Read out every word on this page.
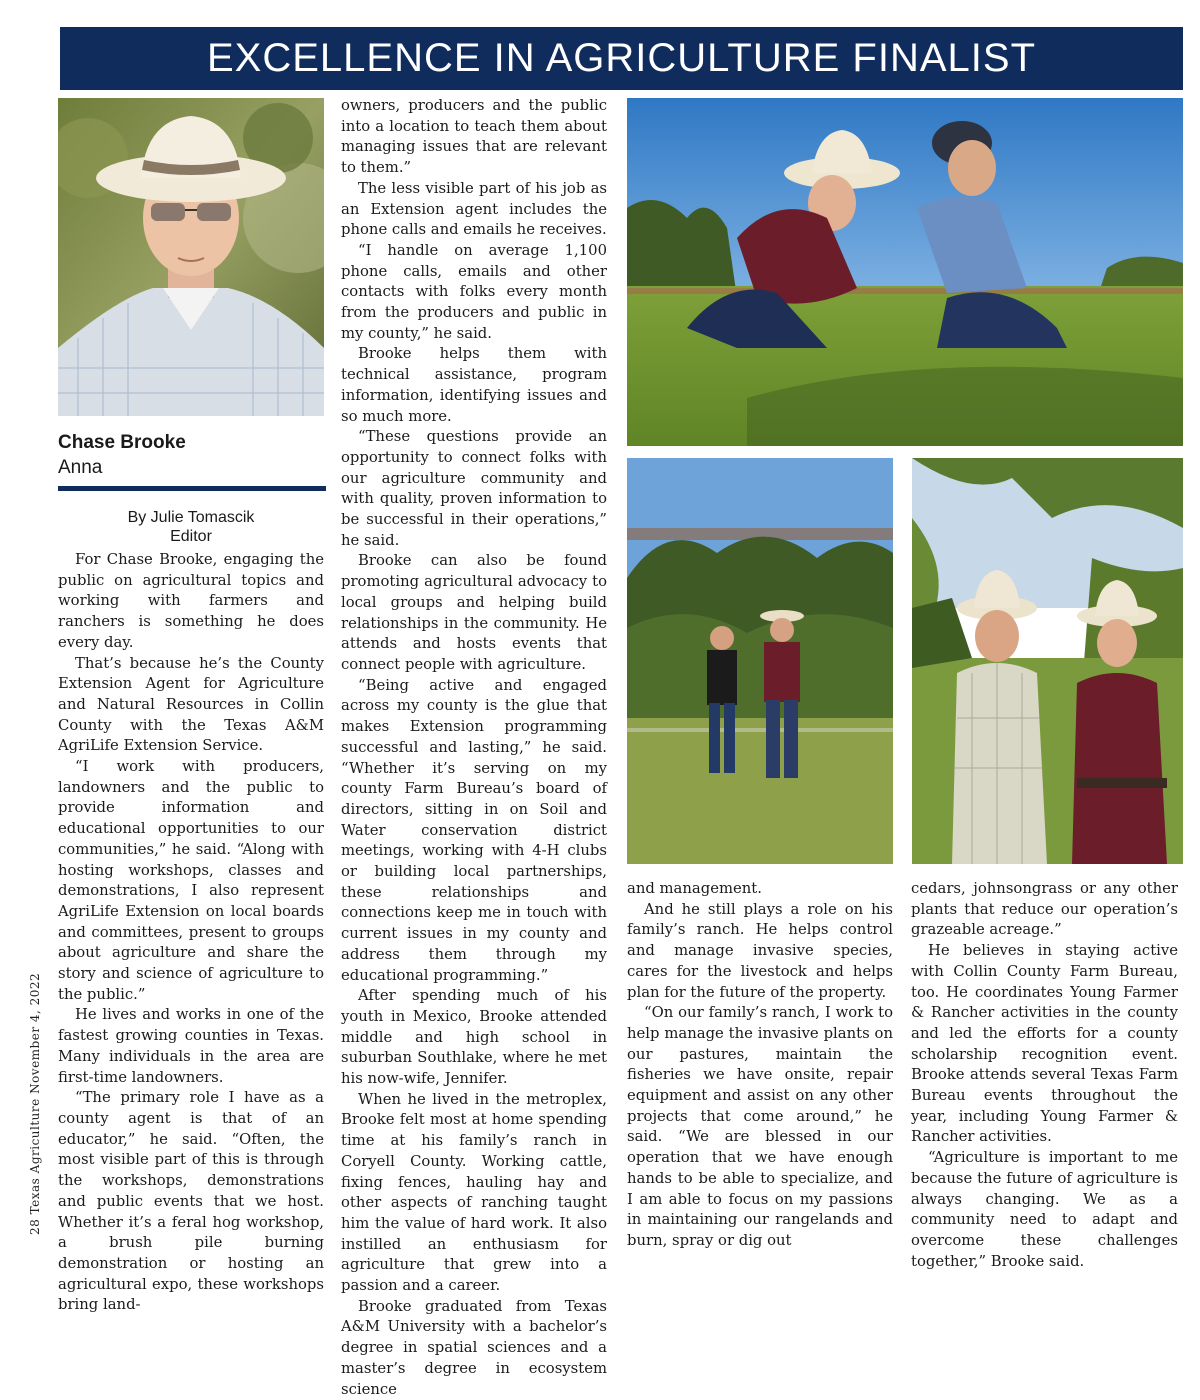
EXCELLENCE IN AGRICULTURE FINALIST
28 Texas Agriculture November 4, 2022
Chase Brooke
Anna
By Julie Tomascik
Editor

For Chase Brooke, engaging the public on agricultural topics and working with farmers and ranchers is something he does every day.

That’s because he’s the County Extension Agent for Agriculture and Natural Resources in Collin County with the Texas A&M AgriLife Extension Service.

“I work with producers, landowners and the public to provide information and educational opportunities to our communities,” he said. “Along with hosting workshops, classes and demonstrations, I also represent AgriLife Extension on local boards and committees, present to groups about agriculture and share the story and science of agriculture to the public.”

He lives and works in one of the fastest growing counties in Texas. Many individuals in the area are first-time landowners.

“The primary role I have as a county agent is that of an educator,” he said. “Often, the most visible part of this is through the workshops, demonstrations and public events that we host. Whether it’s a feral hog workshop, a brush pile burning demonstration or hosting an agricultural expo, these workshops bring land-

owners, producers and the public into a location to teach them about managing issues that are relevant to them.”

The less visible part of his job as an Extension agent includes the phone calls and emails he receives.

“I handle on average 1,100 phone calls, emails and other contacts with folks every month from the producers and public in my county,” he said.

Brooke helps them with technical assistance, program information, identifying issues and so much more.

“These questions provide an opportunity to connect folks with our agriculture community and with quality, proven information to be successful in their operations,” he said.

Brooke can also be found promoting agricultural advocacy to local groups and helping build relationships in the community. He attends and hosts events that connect people with agriculture.

“Being active and engaged across my county is the glue that makes Extension programming successful and lasting,” he said. “Whether it’s serving on my county Farm Bureau’s board of directors, sitting in on Soil and Water conservation district meetings, working with 4-H clubs or building local partnerships, these relationships and connections keep me in touch with current issues in my county and address them through my educational programming.”

After spending much of his youth in Mexico, Brooke attended middle and high school in suburban Southlake, where he met his now-wife, Jennifer.

When he lived in the metroplex, Brooke felt most at home spending time at his family’s ranch in Coryell County. Working cattle, fixing fences, hauling hay and other aspects of ranching taught him the value of hard work. It also instilled an enthusiasm for agriculture that grew into a passion and a career.

Brooke graduated from Texas A&M University with a bachelor’s degree in spatial sciences and a master’s degree in ecosystem science

and management.

And he still plays a role on his family’s ranch. He helps control and manage invasive species, cares for the livestock and helps plan for the future of the property.

“On our family’s ranch, I work to help manage the invasive plants on our pastures, maintain the fisheries we have onsite, repair equipment and assist on any other projects that come around,” he said. “We are blessed in our operation that we have enough hands to be able to specialize, and I am able to focus on my passions in maintaining our rangelands and burn, spray or dig out

cedars, johnsongrass or any other plants that reduce our operation’s grazeable acreage.”

He believes in staying active with Collin County Farm Bureau, too. He coordinates Young Farmer & Rancher activities in the county and led the efforts for a county scholarship recognition event. Brooke attends several Texas Farm Bureau events throughout the year, including Young Farmer & Rancher activities.

“Agriculture is important to me because the future of agriculture is always changing. We as a community need to adapt and overcome these challenges together,” Brooke said.
